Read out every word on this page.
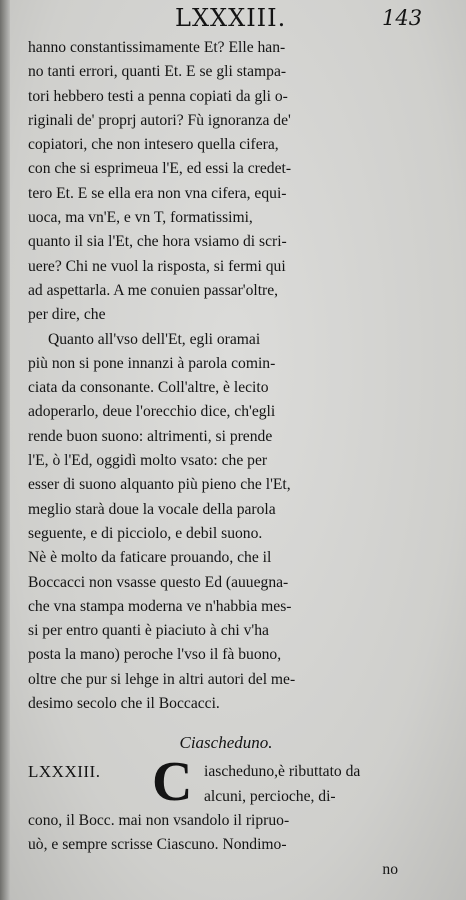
LXXXIII.	143
hanno constantissimamente Et? Elle han-
no tanti errori, quanti Et. E se gli stampa-
tori hebbero testi a penna copiati da gli o-
riginali de' proprj autori? Fù ignoranza de'
copiatori, che non intesero quella cifera,
con che si esprimeua l'E, ed essi la credet-
tero Et. E se ella era non vna cifera, equi-
uoca, ma vn'E, e vn T, formatissimi,
quanto il sia l'Et, che hora vsiamo di scri-
uere? Chi ne vuol la risposta, si fermi qui
ad aspettarla. A me conuien passar'oltre,
per dire, che
Quanto all'vso dell'Et, egli oramai
più non si pone innanzi à parola comin-
ciata da consonante. Coll'altre, è lecito
adoperarlo, deue l'orecchio dice, ch'egli
rende buon suono: altrimenti, si prende
l'E, ò l'Ed, oggidì molto vsato: che per
esser di suono alquanto più pieno che l'Et,
meglio starà doue la vocale della parola
seguente, e di picciolo, e debil suono.
Nè è molto da faticare prouando, che il
Boccacci non vsasse questo Ed (auuegna-
che vna stampa moderna ve n'habbia mes-
si per entro quanti è piaciuto à chi v'ha
posta la mano) peroche l'vso il fà buono,
oltre che pur si lehge in altri autori del me-
desimo secolo che il Boccacci.
Ciascheduno.
LXXXIII. C iascheduno,è ributtato da
alcuni, percioche, di-
cono, il Bocc. mai non vsandolo il ripruo-
uò, e sempre scrisse Ciascuno. Nondimo-
no
